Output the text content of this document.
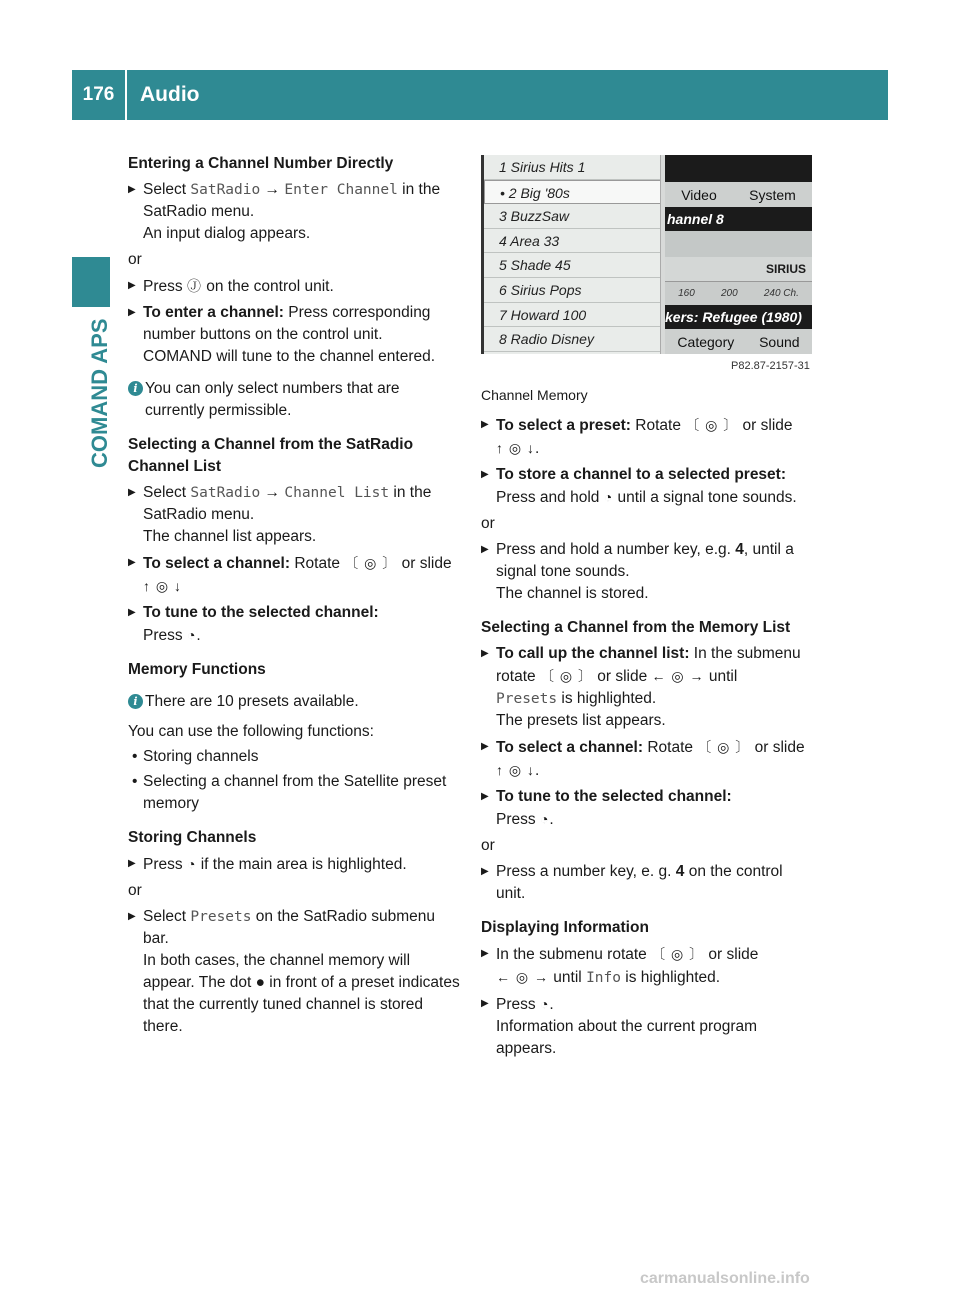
176	Audio
COMAND APS
Entering a Channel Number Directly
▶ Select SatRadio → Enter Channel in the SatRadio menu.
An input dialog appears.
or
▶ Press Ⓙ on the control unit.
▶ To enter a channel: Press corresponding number buttons on the control unit.
COMAND will tune to the channel entered.
i You can only select numbers that are currently permissible.
Selecting a Channel from the SatRadio Channel List
▶ Select SatRadio → Channel List in the SatRadio menu.
The channel list appears.
▶ To select a channel: Rotate 〔 ◎ 〕 or slide
↑ ◎ ↓
▶ To tune to the selected channel:
Press ◔.
Memory Functions
i There are 10 presets available.
You can use the following functions:
• Storing channels
• Selecting a channel from the Satellite preset memory
Storing Channels
▶ Press ◔ if the main area is highlighted.
or
▶ Select Presets on the SatRadio submenu bar.
In both cases, the channel memory will appear. The dot ● in front of a preset indicates that the currently tuned channel is stored there.
1 Sirius Hits 1
• 2 Big '80s
3 BuzzSaw
4 Area 33
5 Shade 45
6 Sirius Pops
7 Howard 100
8 Radio Disney
Video System
hannel 8
SIRIUS
160	200	240 Ch.
kers: Refugee (1980)
Category Sound
P82.87-2157-31
Channel Memory
▶ To select a preset: Rotate 〔 ◎ 〕 or slide
↑ ◎ ↓.
▶ To store a channel to a selected preset:
Press and hold ◔ until a signal tone sounds.
or
▶ Press and hold a number key, e.g. 4, until a signal tone sounds.
The channel is stored.
Selecting a Channel from the Memory List
▶ To call up the channel list: In the submenu rotate 〔 ◎ 〕 or slide ← ◎ → until
Presets is highlighted.
The presets list appears.
▶ To select a channel: Rotate 〔 ◎ 〕 or slide
↑ ◎ ↓.
▶ To tune to the selected channel:
Press ◔.
or
▶ Press a number key, e. g. 4 on the control unit.
Displaying Information
▶ In the submenu rotate 〔 ◎ 〕 or slide
← ◎ → until Info is highlighted.
▶ Press ◔.
Information about the current program appears.
carmanualsonline.info
